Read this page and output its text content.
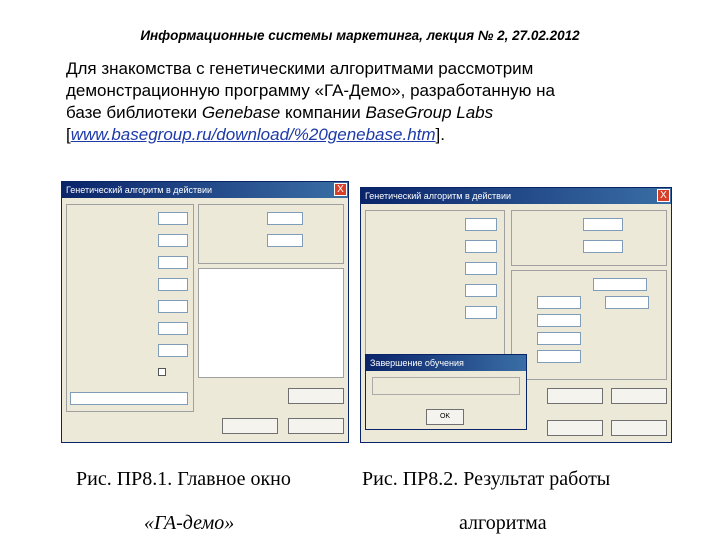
Информационные системы маркетинга, лекция № 2, 27.02.2012
Для знакомства с генетическими алгоритмами рассмотрим
демонстрационную программу «ГА-Демо», разработанную на
базе библиотеки Genebase компании BaseGroup Labs
[www.basegroup.ru/download/%20genebase.htm].
Генетический алгоритм в действии	X
Генетический алгоритм в действии	X
Завершение обучения
OK
Рис. ПР8.1. Главное окно
«ГА-демо»
Рис. ПР8.2. Результат работы
алгоритма
